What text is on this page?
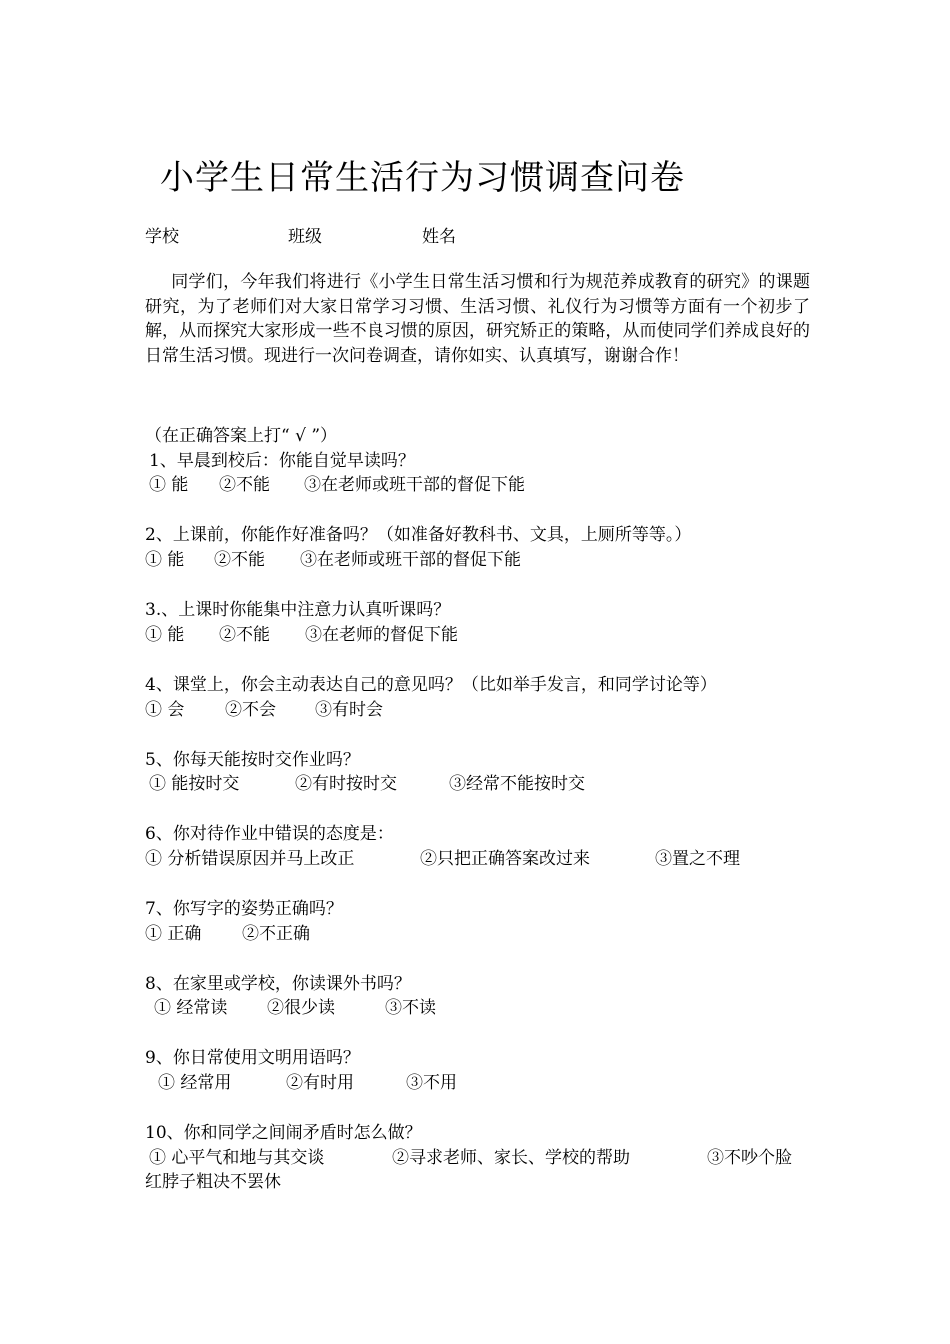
小学生日常生活行为习惯调查问卷
学校	班级	姓名
同学们，今年我们将进行《小学生日常生活习惯和行为规范养成教育的研究》的课题研究，为了老师们对大家日常学习习惯、生活习惯、礼仪行为习惯等方面有一个初步了解，从而探究大家形成一些不良习惯的原因，研究矫正的策略，从而使同学们养成良好的日常生活习惯。现进行一次问卷调查，请你如实、认真填写，谢谢合作！
（在正确答案上打“ √ ”）
1、早晨到校后：你能自觉早读吗？
① 能 ②不能 ③在老师或班干部的督促下能
2、上课前，你能作好准备吗？（如准备好教科书、文具，上厕所等等。）
① 能 ②不能 ③在老师或班干部的督促下能
3.、上课时你能集中注意力认真听课吗？
① 能 ②不能 ③在老师的督促下能
4、课堂上，你会主动表达自己的意见吗？（比如举手发言，和同学讨论等）
① 会 ②不会 ③有时会
5、你每天能按时交作业吗？
① 能按时交	②有时按时交	③经常不能按时交
6、你对待作业中错误的态度是：
① 分析错误原因并马上改正	②只把正确答案改过来	③置之不理
7、你写字的姿势正确吗？
① 正确 ②不正确
8、在家里或学校，你读课外书吗？
① 经常读 ②很少读	③不读
9、你日常使用文明用语吗？
① 经常用	②有时用	③不用
10、你和同学之间闹矛盾时怎么做？
① 心平气和地与其交谈	②寻求老师、家长、学校的帮助	③不吵个脸
红脖子粗决不罢休
